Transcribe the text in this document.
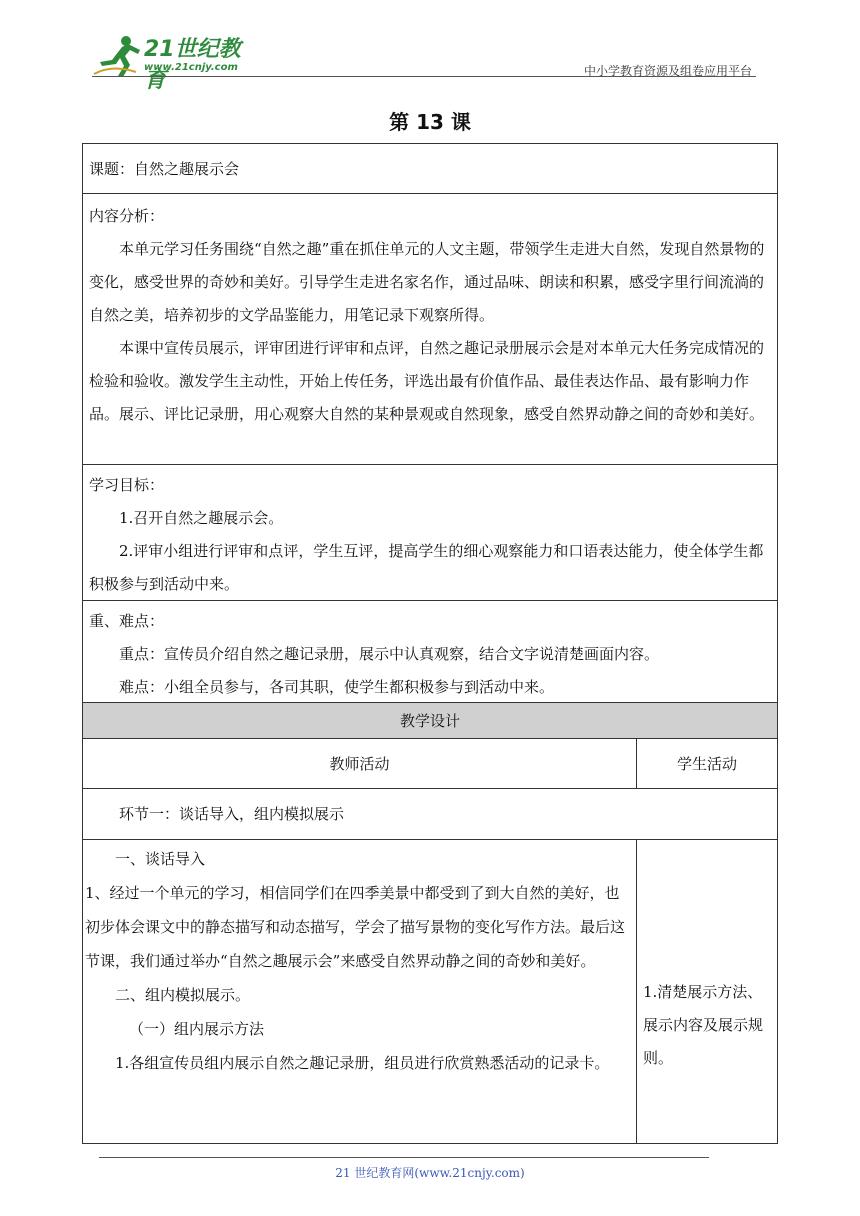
21世纪教育
www.21cnjy.com	中小学教育资源及组卷应用平台
第 13 课
课题：自然之趣展示会

内容分析：

本单元学习任务围绕“自然之趣”重在抓住单元的人文主题，带领学生走进大自然，发现自然景物的变化，感受世界的奇妙和美好。引导学生走进名家名作，通过品味、朗读和积累，感受字里行间流淌的自然之美，培养初步的文学品鉴能力，用笔记录下观察所得。

本课中宣传员展示，评审团进行评审和点评，自然之趣记录册展示会是对本单元大任务完成情况的检验和验收。激发学生主动性，开始上传任务，评选出最有价值作品、最佳表达作品、最有影响力作品。展示、评比记录册，用心观察大自然的某种景观或自然现象，感受自然界动静之间的奇妙和美好。

学习目标：

1.召开自然之趣展示会。

2.评审小组进行评审和点评，学生互评，提高学生的细心观察能力和口语表达能力，使全体学生都积极参与到活动中来。

重、难点：

重点：宣传员介绍自然之趣记录册，展示中认真观察，结合文字说清楚画面内容。

难点：小组全员参与，各司其职，使学生都积极参与到活动中来。

教学设计
教师活动	学生活动

环节一：谈话导入，组内模拟展示

一、谈话导入

1、经过一个单元的学习，相信同学们在四季美景中都受到了到大自然的美好，也初步体会课文中的静态描写和动态描写，学会了描写景物的变化写作方法。最后这节课，我们通过举办“自然之趣展示会”来感受自然界动静之间的奇妙和美好。

二、组内模拟展示。

（一）组内展示方法

1.各组宣传员组内展示自然之趣记录册，组员进行欣赏熟悉活动的记录卡。

1.清楚展示方法、展示内容及展示规则。
21 世纪教育网(www.21cnjy.com)
